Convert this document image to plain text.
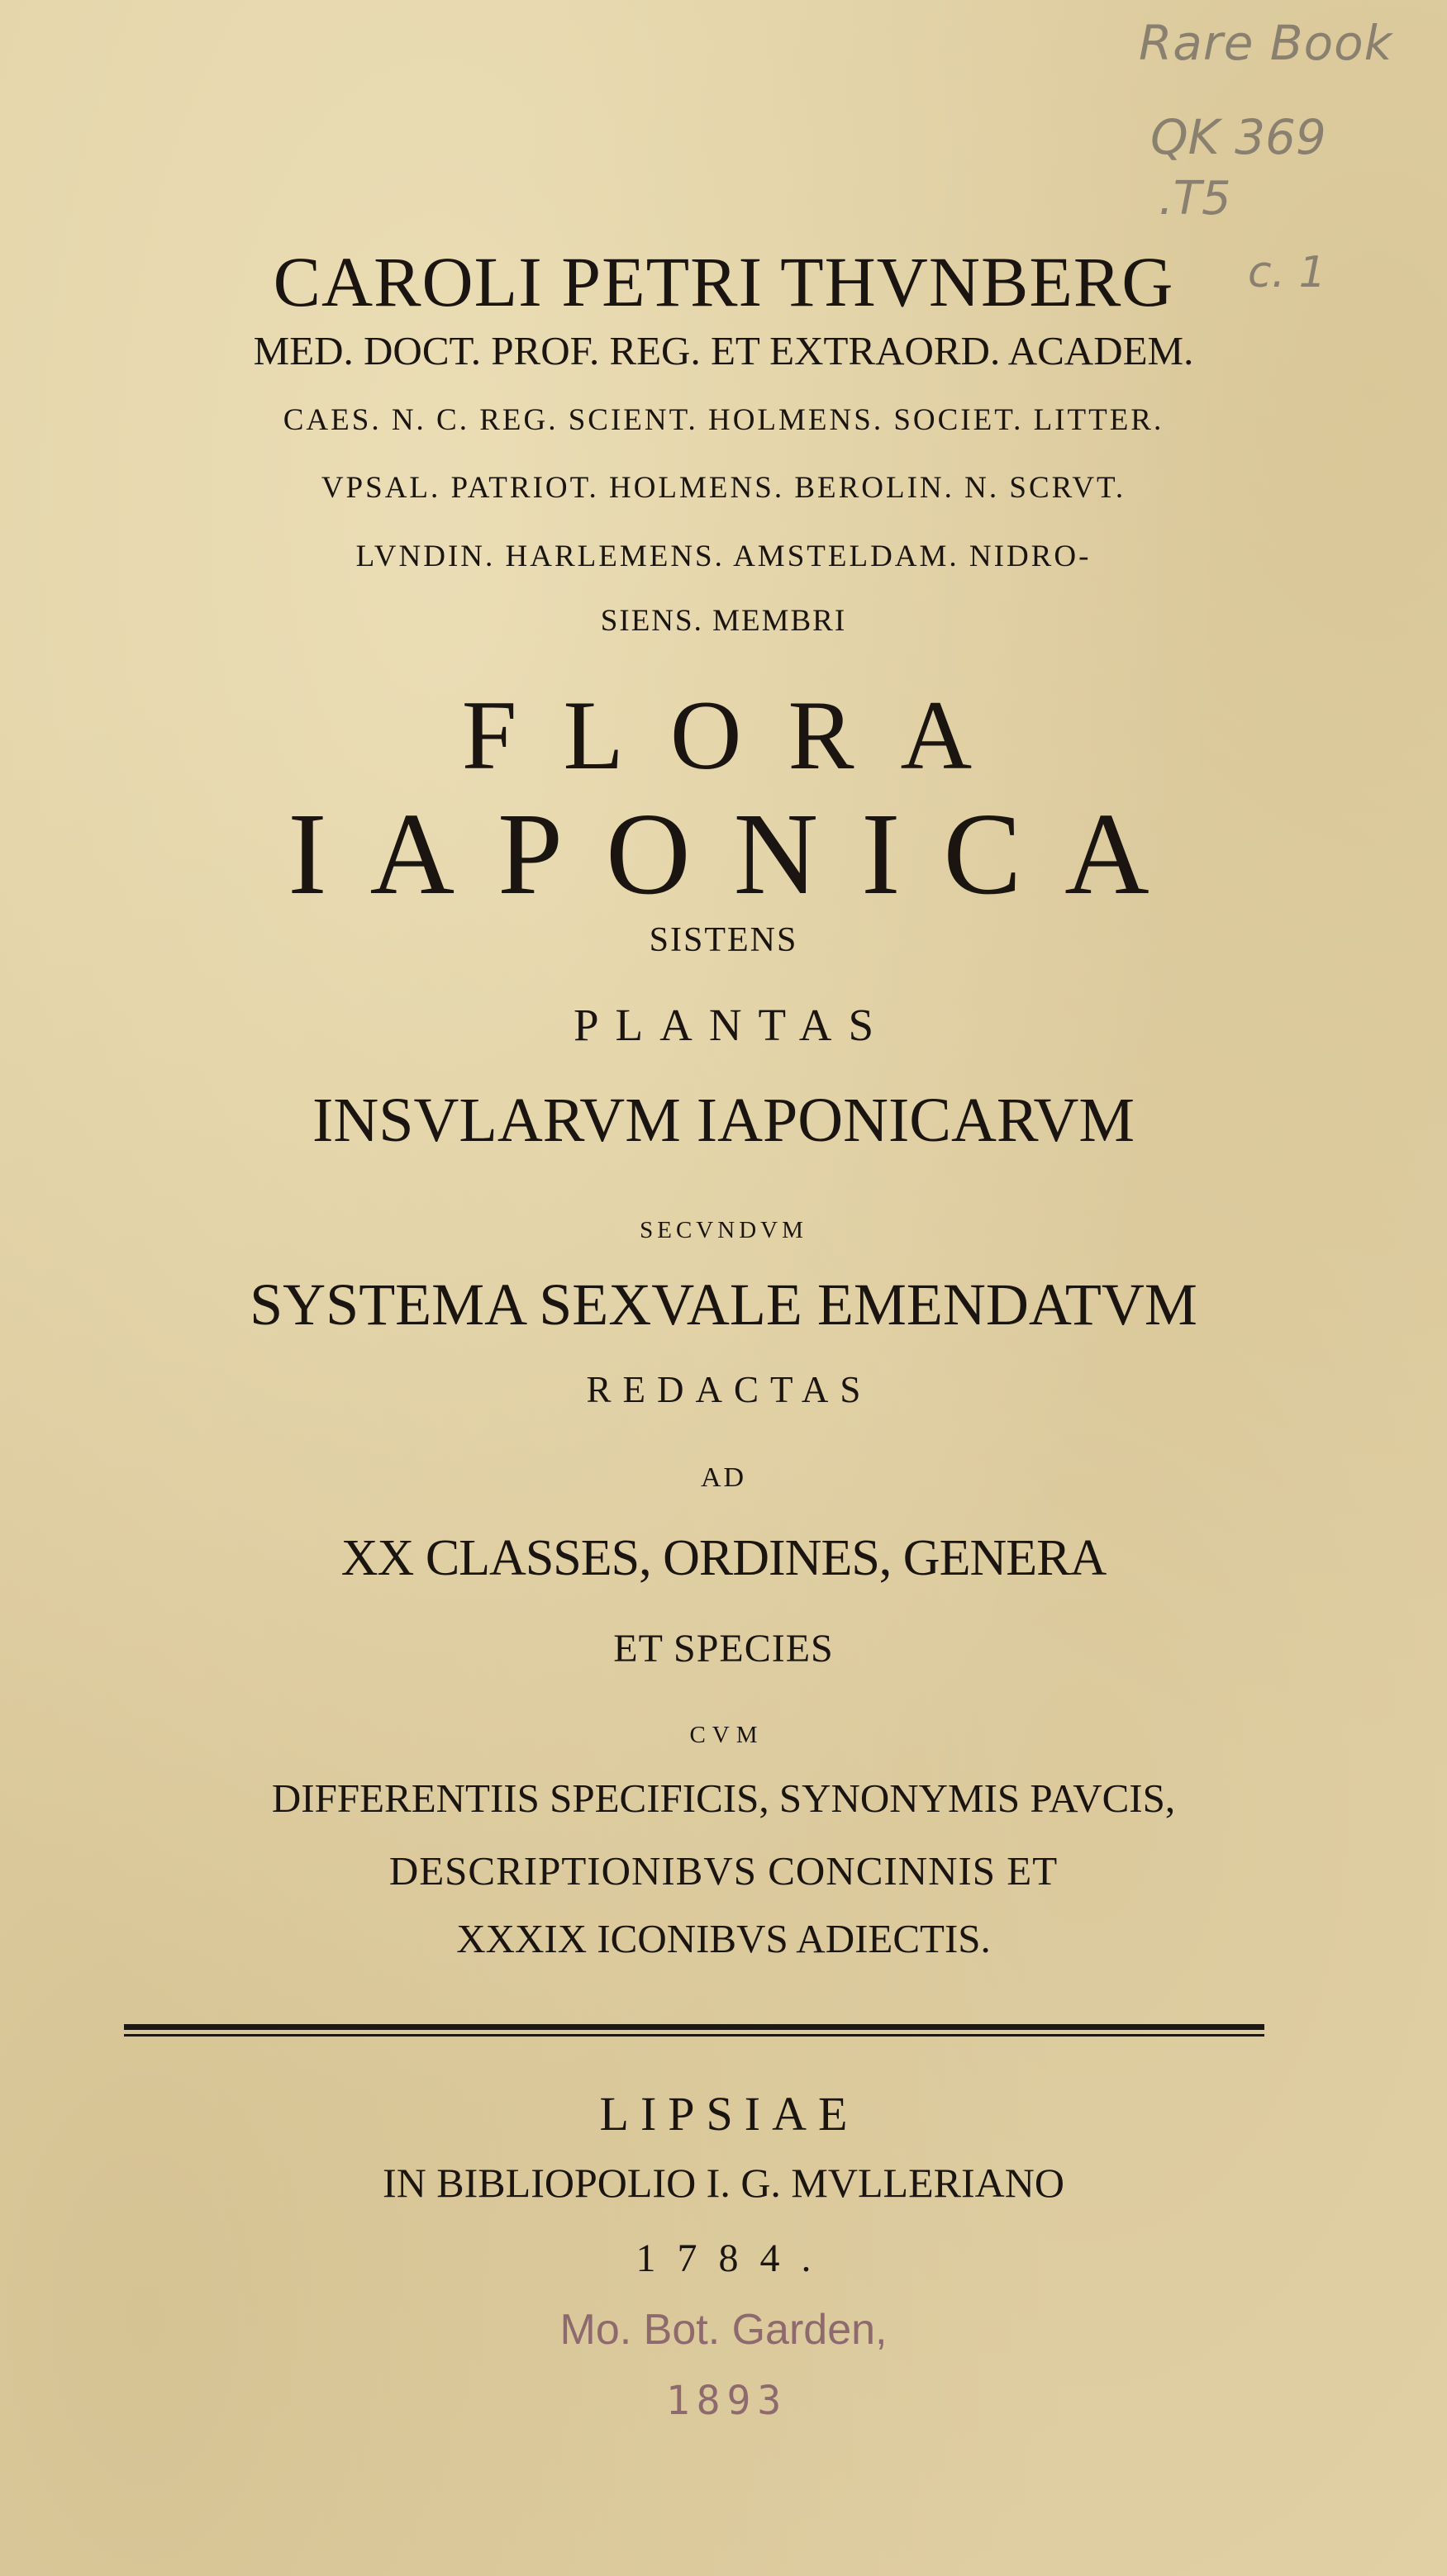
Rare Book
QK 369
.T5
c. 1
CAROLI PETRI THVNBERG
MED. DOCT. PROF. REG. ET EXTRAORD. ACADEM.
CAES. N. C. REG. SCIENT. HOLMENS. SOCIET. LITTER.
VPSAL. PATRIOT. HOLMENS. BEROLIN. N. SCRVT.
LVNDIN. HARLEMENS. AMSTELDAM. NIDRO-
SIENS. MEMBRI
FLORA
IAPONICA
SISTENS
PLANTAS
INSVLARVM IAPONICARVM
SECVNDVM
SYSTEMA SEXVALE EMENDATVM
REDACTAS
AD
XX CLASSES, ORDINES, GENERA
ET SPECIES
CVM
DIFFERENTIIS SPECIFICIS, SYNONYMIS PAVCIS,
DESCRIPTIONIBVS CONCINNIS ET
XXXIX ICONIBVS ADIECTIS.
LIPSIAE
IN BIBLIOPOLIO I. G. MVLLERIANO
1784.
Mo. Bot. Garden,
1893
